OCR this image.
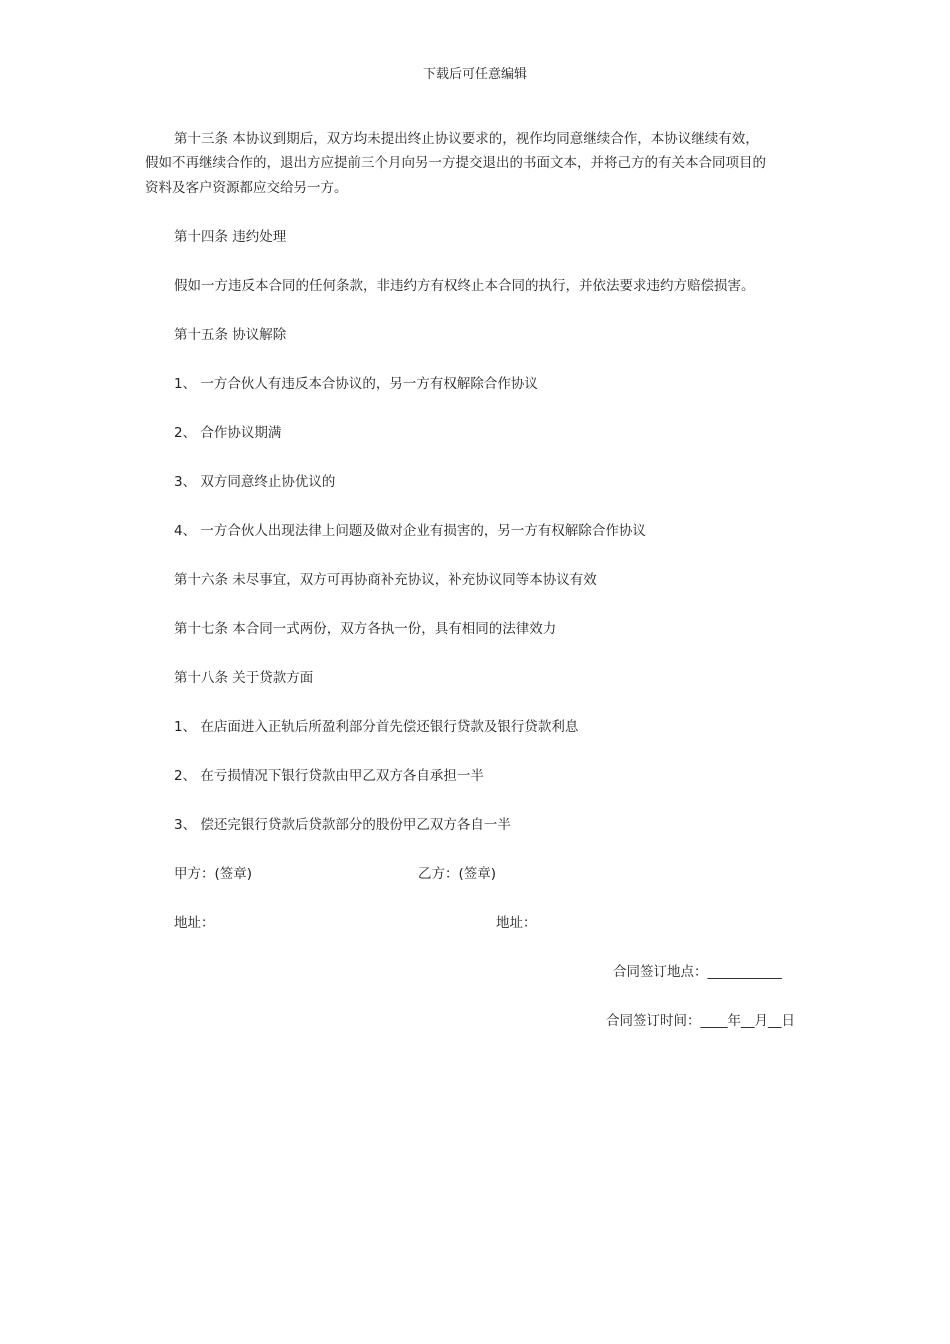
下载后可任意编辑

第十三条 本协议到期后，双方均未提出终止协议要求的，视作均同意继续合作，本协议继续有效，

假如不再继续合作的，退出方应提前三个月向另一方提交退出的书面文本，并将己方的有关本合同项目的

资料及客户资源都应交给另一方。

第十四条 违约处理

假如一方违反本合同的任何条款，非违约方有权终止本合同的执行，并依法要求违约方赔偿损害。

第十五条 协议解除

1、 一方合伙人有违反本合协议的，另一方有权解除合作协议

2、 合作协议期满

3、 双方同意终止协优议的

4、 一方合伙人出现法律上问题及做对企业有损害的，另一方有权解除合作协议

第十六条 未尽事宜，双方可再协商补充协议，补充协议同等本协议有效

第十七条 本合同一式两份，双方各执一份，具有相同的法律效力

第十八条 关于贷款方面

1、 在店面进入正轨后所盈利部分首先偿还银行贷款及银行贷款利息

2、 在亏损情况下银行贷款由甲乙双方各自承担一半

3、 偿还完银行贷款后贷款部分的股份甲乙双方各自一半

甲方：(签章)	乙方：(签章)

地址：	地址：

合同签订地点：___________

合同签订时间：____年__月__日
